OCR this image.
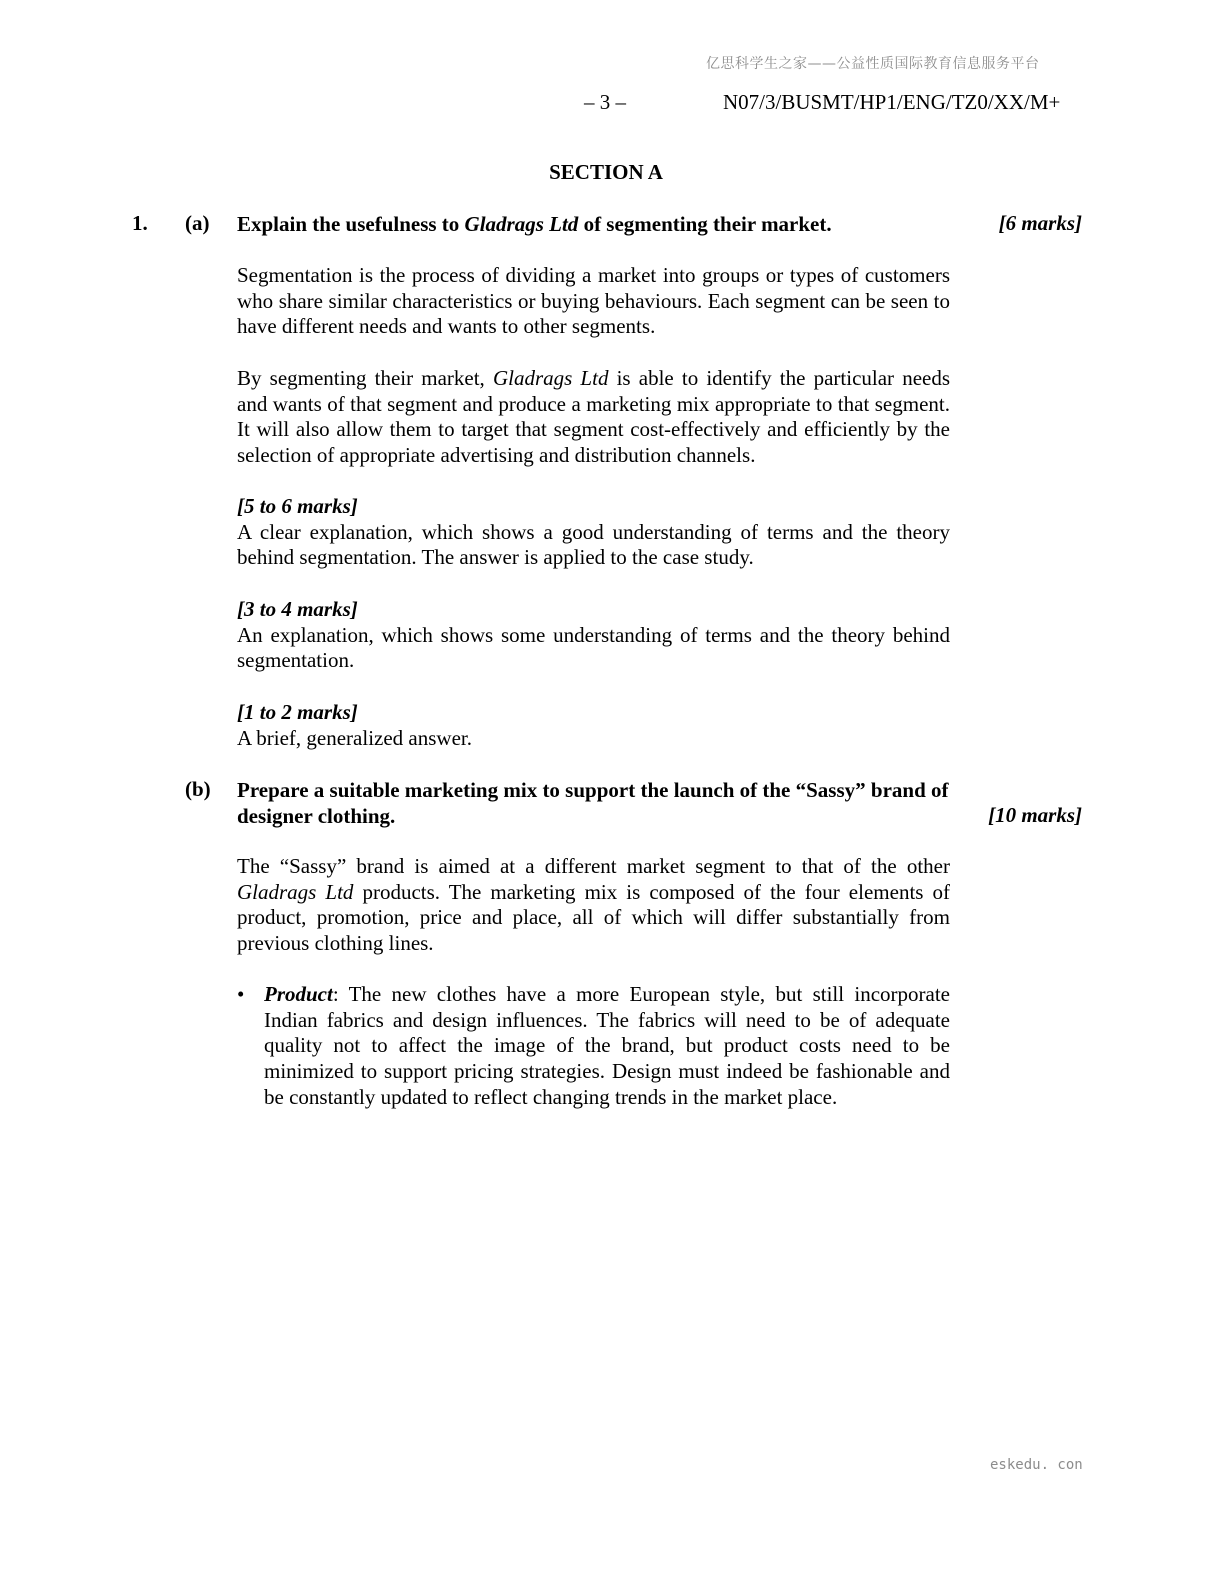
亿思科学生之家——公益性质国际教育信息服务平台
– 3 –	N07/3/BUSMT/HP1/ENG/TZ0/XX/M+
SECTION A
1. (a) Explain the usefulness to Gladrags Ltd of segmenting their market.	[6 marks]
Segmentation is the process of dividing a market into groups or types of customers who share similar characteristics or buying behaviours. Each segment can be seen to have different needs and wants to other segments.
By segmenting their market, Gladrags Ltd is able to identify the particular needs and wants of that segment and produce a marketing mix appropriate to that segment. It will also allow them to target that segment cost-effectively and efficiently by the selection of appropriate advertising and distribution channels.
[5 to 6 marks]
A clear explanation, which shows a good understanding of terms and the theory behind segmentation. The answer is applied to the case study.
[3 to 4 marks]
An explanation, which shows some understanding of terms and the theory behind segmentation.
[1 to 2 marks]
A brief, generalized answer.
(b) Prepare a suitable marketing mix to support the launch of the “Sassy” brand of designer clothing.	[10 marks]
The “Sassy” brand is aimed at a different market segment to that of the other Gladrags Ltd products. The marketing mix is composed of the four elements of product, promotion, price and place, all of which will differ substantially from previous clothing lines.
• Product: The new clothes have a more European style, but still incorporate Indian fabrics and design influences. The fabrics will need to be of adequate quality not to affect the image of the brand, but product costs need to be minimized to support pricing strategies. Design must indeed be fashionable and be constantly updated to reflect changing trends in the market place.
eskedu. con
